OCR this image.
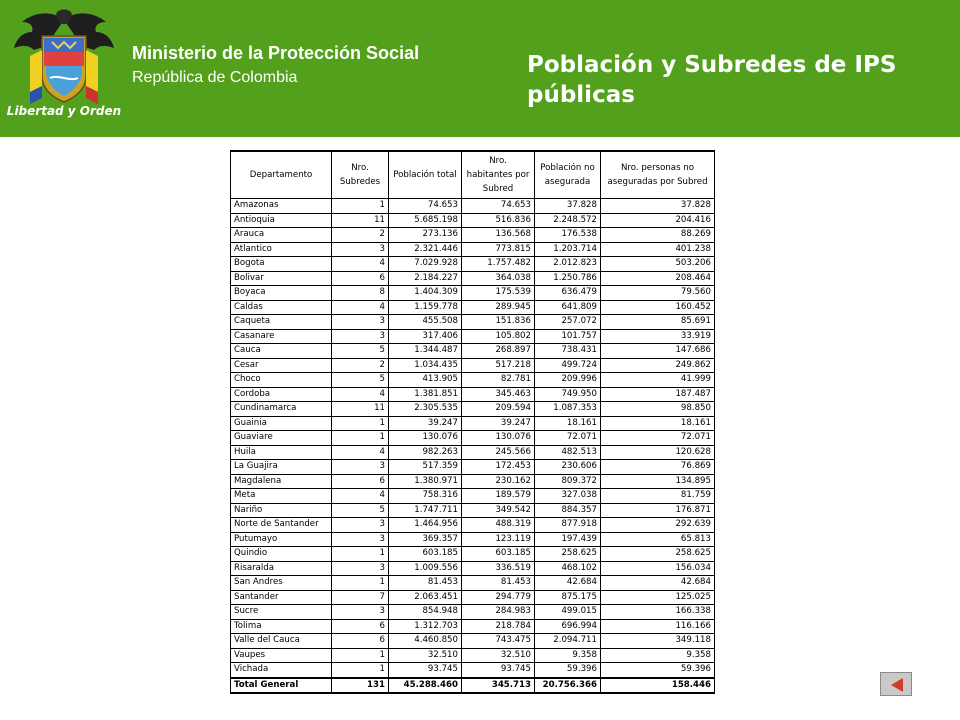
Libertad y Orden
Ministerio de la Protección Social
República de Colombia	Población y Subredes de IPS públicas
Departamento	Nro. Subredes	Población total	Nro. habitantes por Subred	Población no asegurada	Nro. personas no aseguradas por Subred
Amazonas	1	74.653	74.653	37.828	37.828
Antioquia	11	5.685.198	516.836	2.248.572	204.416
Arauca	2	273.136	136.568	176.538	88.269
Atlantico	3	2.321.446	773.815	1.203.714	401.238
Bogota	4	7.029.928	1.757.482	2.012.823	503.206
Bolivar	6	2.184.227	364.038	1.250.786	208.464
Boyaca	8	1.404.309	175.539	636.479	79.560
Caldas	4	1.159.778	289.945	641.809	160.452
Caqueta	3	455.508	151.836	257.072	85.691
Casanare	3	317.406	105.802	101.757	33.919
Cauca	5	1.344.487	268.897	738.431	147.686
Cesar	2	1.034.435	517.218	499.724	249.862
Choco	5	413.905	82.781	209.996	41.999
Cordoba	4	1.381.851	345.463	749.950	187.487
Cundinamarca	11	2.305.535	209.594	1.087.353	98.850
Guainia	1	39.247	39.247	18.161	18.161
Guaviare	1	130.076	130.076	72.071	72.071
Huila	4	982.263	245.566	482.513	120.628
La Guajira	3	517.359	172.453	230.606	76.869
Magdalena	6	1.380.971	230.162	809.372	134.895
Meta	4	758.316	189.579	327.038	81.759
Nariño	5	1.747.711	349.542	884.357	176.871
Norte de Santander	3	1.464.956	488.319	877.918	292.639
Putumayo	3	369.357	123.119	197.439	65.813
Quindio	1	603.185	603.185	258.625	258.625
Risaralda	3	1.009.556	336.519	468.102	156.034
San Andres	1	81.453	81.453	42.684	42.684
Santander	7	2.063.451	294.779	875.175	125.025
Sucre	3	854.948	284.983	499.015	166.338
Tolima	6	1.312.703	218.784	696.994	116.166
Valle del Cauca	6	4.460.850	743.475	2.094.711	349.118
Vaupes	1	32.510	32.510	9.358	9.358
Vichada	1	93.745	93.745	59.396	59.396
Total General	131	45.288.460	345.713	20.756.366	158.446
